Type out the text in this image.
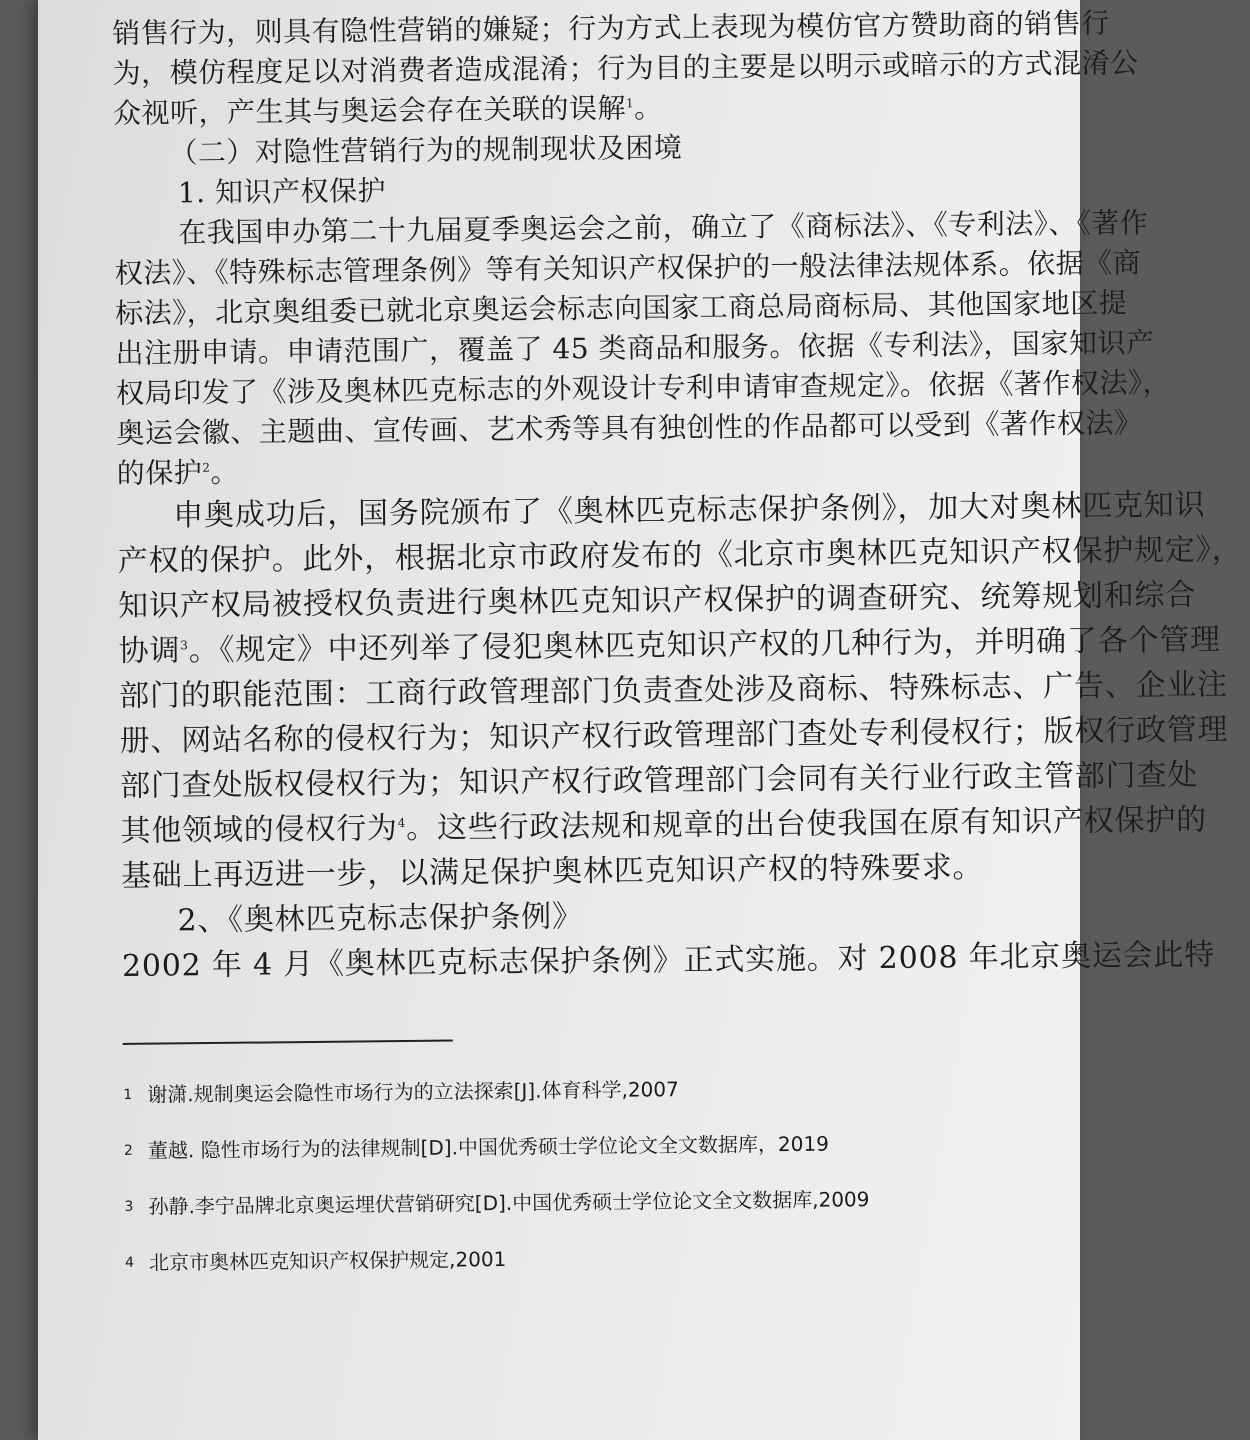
销售行为，则具有隐性营销的嫌疑；行为方式上表现为模仿官方赞助商的销售行
为，模仿程度足以对消费者造成混淆；行为目的主要是以明示或暗示的方式混淆公
众视听，产生其与奥运会存在关联的误解$^1$。
（二）对隐性营销行为的规制现状及困境
1. 知识产权保护
在我国申办第二十九届夏季奥运会之前，确立了《商标法》、《专利法》、《著作
权法》、《特殊标志管理条例》等有关知识产权保护的一般法律法规体系。依据《商
标法》，北京奥组委已就北京奥运会标志向国家工商总局商标局、其他国家地区提
出注册申请。申请范围广，覆盖了 45 类商品和服务。依据《专利法》，国家知识产
权局印发了《涉及奥林匹克标志的外观设计专利申请审查规定》。依据《著作权法》，
奥运会徽、主题曲、宣传画、艺术秀等具有独创性的作品都可以受到《著作权法》
的保护$^2$。
申奥成功后，国务院颁布了《奥林匹克标志保护条例》，加大对奥林匹克知识
产权的保护。此外，根据北京市政府发布的《北京市奥林匹克知识产权保护规定》，
知识产权局被授权负责进行奥林匹克知识产权保护的调查研究、统筹规划和综合
协调$^3$。《规定》中还列举了侵犯奥林匹克知识产权的几种行为，并明确了各个管理
部门的职能范围：工商行政管理部门负责查处涉及商标、特殊标志、广告、企业注
册、网站名称的侵权行为；知识产权行政管理部门查处专利侵权行；版权行政管理
部门查处版权侵权行为；知识产权行政管理部门会同有关行业行政主管部门查处
其他领域的侵权行为$^4$。这些行政法规和规章的出台使我国在原有知识产权保护的
基础上再迈进一步，以满足保护奥林匹克知识产权的特殊要求。
2、《奥林匹克标志保护条例》
2002 年 4 月《奥林匹克标志保护条例》正式实施。对 2008 年北京奥运会此特
1 谢潇.规制奥运会隐性市场行为的立法探索[J].体育科学,2007
2 董越. 隐性市场行为的法律规制[D].中国优秀硕士学位论文全文数据库，2019
3 孙静.李宁品牌北京奥运埋伏营销研究[D].中国优秀硕士学位论文全文数据库,2009
4 北京市奥林匹克知识产权保护规定,2001
